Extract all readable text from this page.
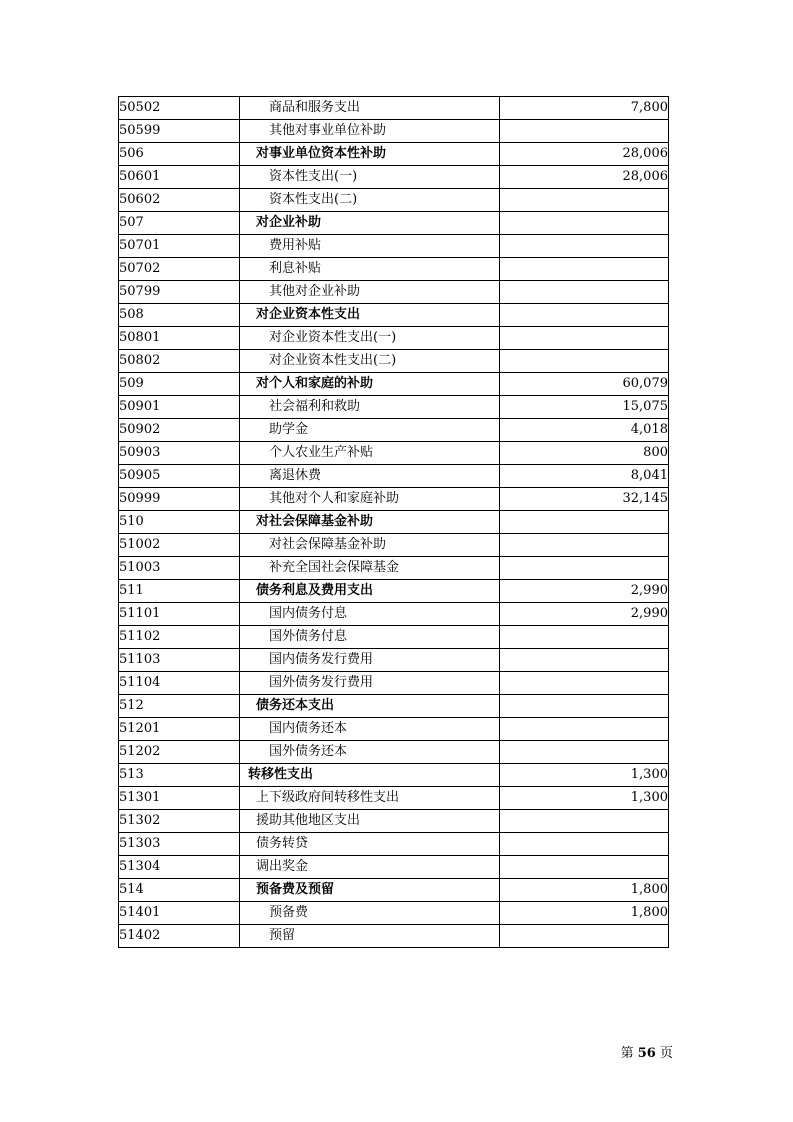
50502	商品和服务支出	7,800
50599	其他对事业单位补助	
506	对事业单位资本性补助	28,006
50601	资本性支出(一)	28,006
50602	资本性支出(二)	
507	对企业补助	
50701	费用补贴	
50702	利息补贴	
50799	其他对企业补助	
508	对企业资本性支出	
50801	对企业资本性支出(一)	
50802	对企业资本性支出(二)	
509	对个人和家庭的补助	60,079
50901	社会福利和救助	15,075
50902	助学金	4,018
50903	个人农业生产补贴	800
50905	离退休费	8,041
50999	其他对个人和家庭补助	32,145
510	对社会保障基金补助	
51002	对社会保障基金补助	
51003	补充全国社会保障基金	
511	债务利息及费用支出	2,990
51101	国内债务付息	2,990
51102	国外债务付息	
51103	国内债务发行费用	
51104	国外债务发行费用	
512	债务还本支出	
51201	国内债务还本	
51202	国外债务还本	
513	转移性支出	1,300
51301	上下级政府间转移性支出	1,300
51302	援助其他地区支出	
51303	债务转贷	
51304	调出奖金	
514	预备费及预留	1,800
51401	预备费	1,800
51402	预留	
第 56 页
